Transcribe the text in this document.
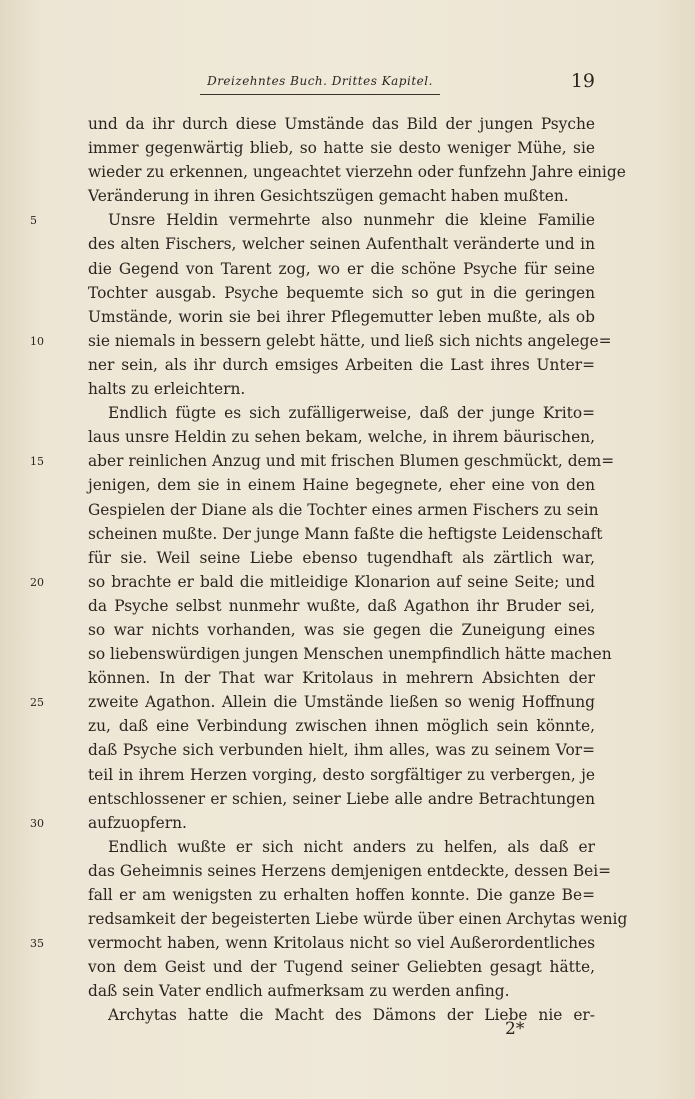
Dreizehntes Buch. Drittes Kapitel.	19
und da ihr durch diese Umstände das Bild der jungen Psyche
immer gegenwärtig blieb, so hatte sie desto weniger Mühe, sie
wieder zu erkennen, ungeachtet vierzehn oder funfzehn Jahre einige
Veränderung in ihren Gesichtszügen gemacht haben mußten.
5	Unsre Heldin vermehrte also nunmehr die kleine Familie
des alten Fischers, welcher seinen Aufenthalt veränderte und in
die Gegend von Tarent zog, wo er die schöne Psyche für seine
Tochter ausgab. Psyche bequemte sich so gut in die geringen
Umstände, worin sie bei ihrer Pflegemutter leben mußte, als ob
10	sie niemals in bessern gelebt hätte, und ließ sich nichts angelege=
ner sein, als ihr durch emsiges Arbeiten die Last ihres Unter=
halts zu erleichtern.
Endlich fügte es sich zufälligerweise, daß der junge Krito=
laus unsre Heldin zu sehen bekam, welche, in ihrem bäurischen,
15	aber reinlichen Anzug und mit frischen Blumen geschmückt, dem=
jenigen, dem sie in einem Haine begegnete, eher eine von den
Gespielen der Diane als die Tochter eines armen Fischers zu sein
scheinen mußte. Der junge Mann faßte die heftigste Leidenschaft
für sie. Weil seine Liebe ebenso tugendhaft als zärtlich war,
20	so brachte er bald die mitleidige Klonarion auf seine Seite; und
da Psyche selbst nunmehr wußte, daß Agathon ihr Bruder sei,
so war nichts vorhanden, was sie gegen die Zuneigung eines
so liebenswürdigen jungen Menschen unempfindlich hätte machen
können. In der That war Kritolaus in mehrern Absichten der
25	zweite Agathon. Allein die Umstände ließen so wenig Hoffnung
zu, daß eine Verbindung zwischen ihnen möglich sein könnte,
daß Psyche sich verbunden hielt, ihm alles, was zu seinem Vor=
teil in ihrem Herzen vorging, desto sorgfältiger zu verbergen, je
entschlossener er schien, seiner Liebe alle andre Betrachtungen
30	aufzuopfern.
Endlich wußte er sich nicht anders zu helfen, als daß er
das Geheimnis seines Herzens demjenigen entdeckte, dessen Bei=
fall er am wenigsten zu erhalten hoffen konnte. Die ganze Be=
redsamkeit der begeisterten Liebe würde über einen Archytas wenig
35	vermocht haben, wenn Kritolaus nicht so viel Außerordentliches
von dem Geist und der Tugend seiner Geliebten gesagt hätte,
daß sein Vater endlich aufmerksam zu werden anfing.
Archytas hatte die Macht des Dämons der Liebe nie er-
2*
